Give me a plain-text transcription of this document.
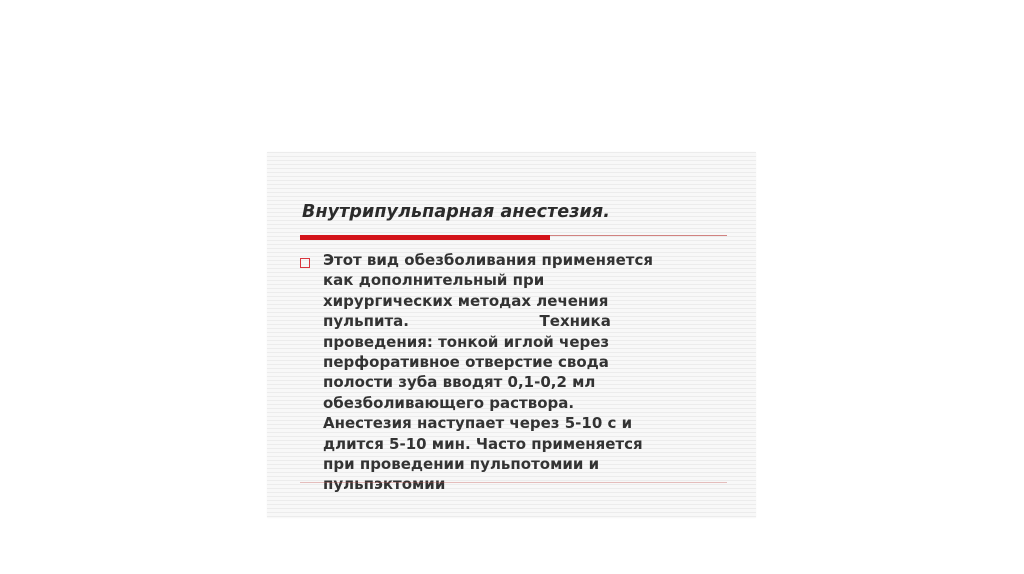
Внутрипульпарная анестезия.

Этот вид обезболивания применяется
как дополнительный при
хирургических методах лечения
пульпита.                         Техника
проведения: тонкой иглой через
перфоративное отверстие свода
полости зуба вводят 0,1-0,2 мл
обезболивающего раствора.
Анестезия наступает через 5-10 с и
длится 5-10 мин. Часто применяется
при проведении пульпотомии и
пульпэктомии
